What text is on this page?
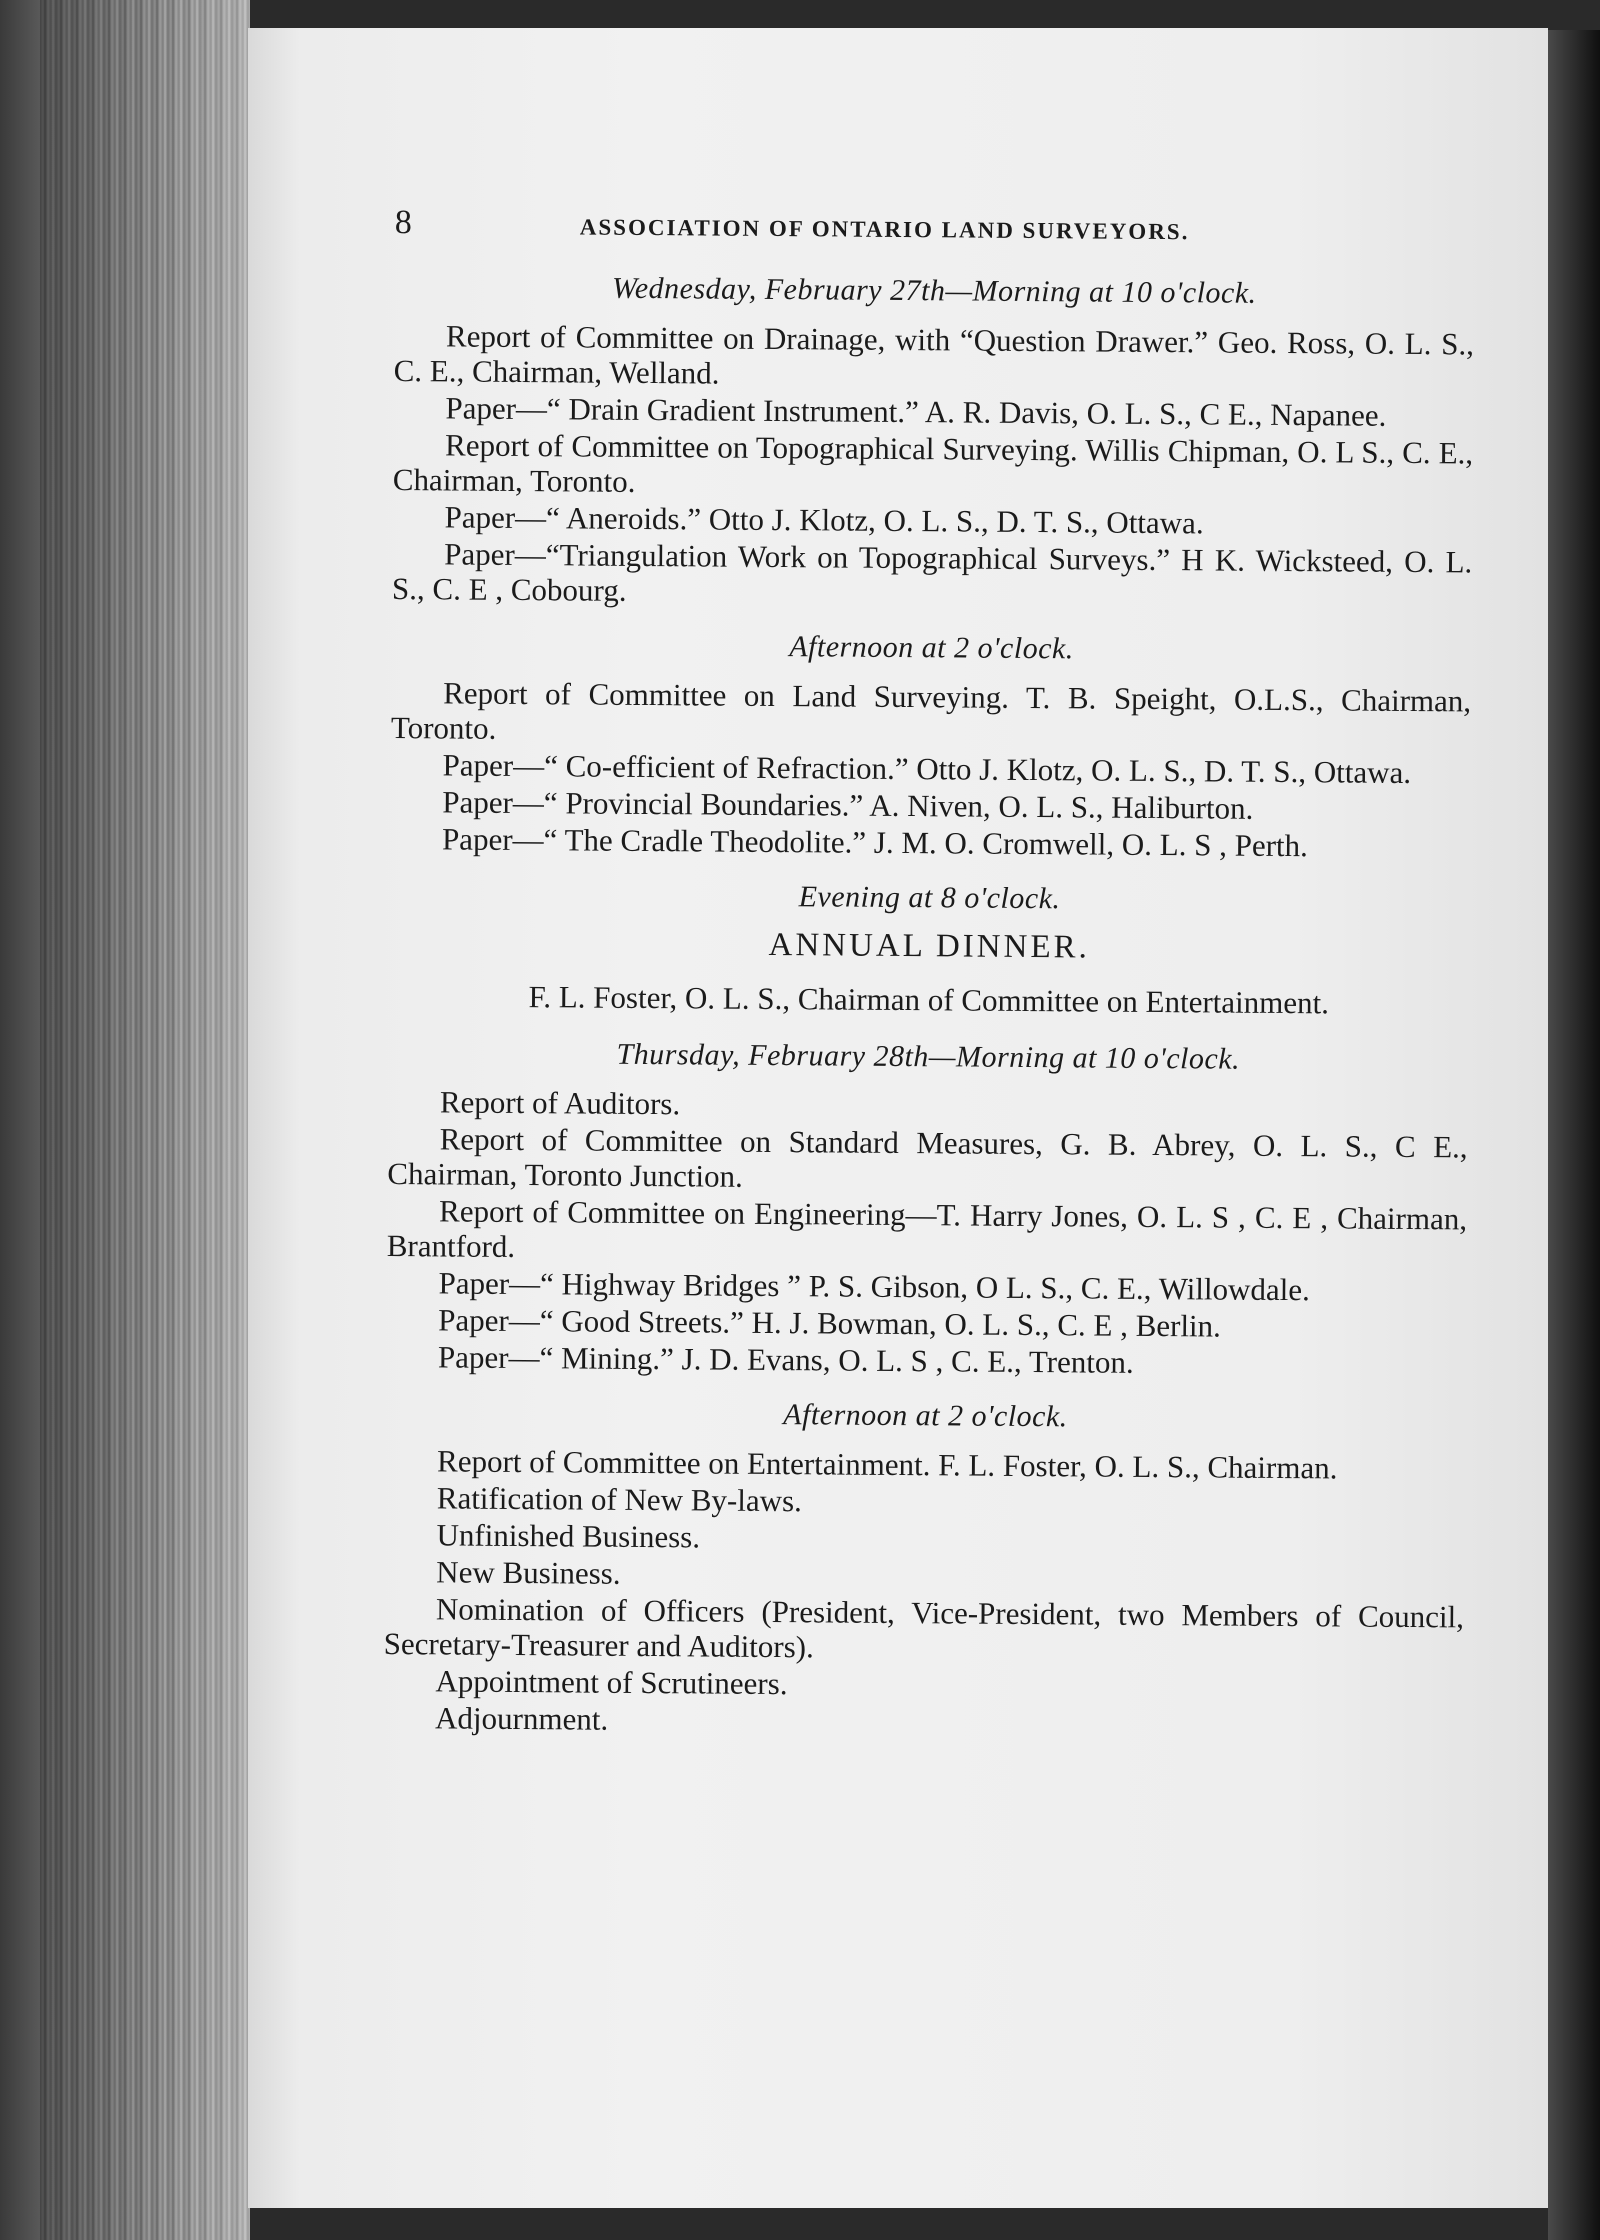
8	ASSOCIATION OF ONTARIO LAND SURVEYORS.
Wednesday, February 27th—Morning at 10 o'clock.

Report of Committee on Drainage, with “Question Drawer.” Geo. Ross, O. L. S., C. E., Chairman, Welland.

Paper—“ Drain Gradient Instrument.” A. R. Davis, O. L. S., C E., Napanee.

Report of Committee on Topographical Surveying. Willis Chipman, O. L S., C. E., Chairman, Toronto.

Paper—“ Aneroids.” Otto J. Klotz, O. L. S., D. T. S., Ottawa.

Paper—“Triangulation Work on Topographical Surveys.” H K. Wicksteed, O. L. S., C. E , Cobourg.

Afternoon at 2 o'clock.

Report of Committee on Land Surveying. T. B. Speight, O.L.S., Chairman, Toronto.

Paper—“ Co-efficient of Refraction.” Otto J. Klotz, O. L. S., D. T. S., Ottawa.

Paper—“ Provincial Boundaries.” A. Niven, O. L. S., Haliburton.

Paper—“ The Cradle Theodolite.” J. M. O. Cromwell, O. L. S , Perth.

Evening at 8 o'clock.
ANNUAL DINNER.
F. L. Foster, O. L. S., Chairman of Committee on Entertainment.
Thursday, February 28th—Morning at 10 o'clock.

Report of Auditors.

Report of Committee on Standard Measures, G. B. Abrey, O. L. S., C E., Chairman, Toronto Junction.

Report of Committee on Engineering—T. Harry Jones, O. L. S , C. E , Chairman, Brantford.

Paper—“ Highway Bridges ” P. S. Gibson, O L. S., C. E., Willowdale.

Paper—“ Good Streets.” H. J. Bowman, O. L. S., C. E , Berlin.

Paper—“ Mining.” J. D. Evans, O. L. S , C. E., Trenton.

Afternoon at 2 o'clock.

Report of Committee on Entertainment. F. L. Foster, O. L. S., Chairman.

Ratification of New By-laws.

Unfinished Business.

New Business.

Nomination of Officers (President, Vice-President, two Members of Council, Secretary-Treasurer and Auditors).

Appointment of Scrutineers.

Adjournment.
